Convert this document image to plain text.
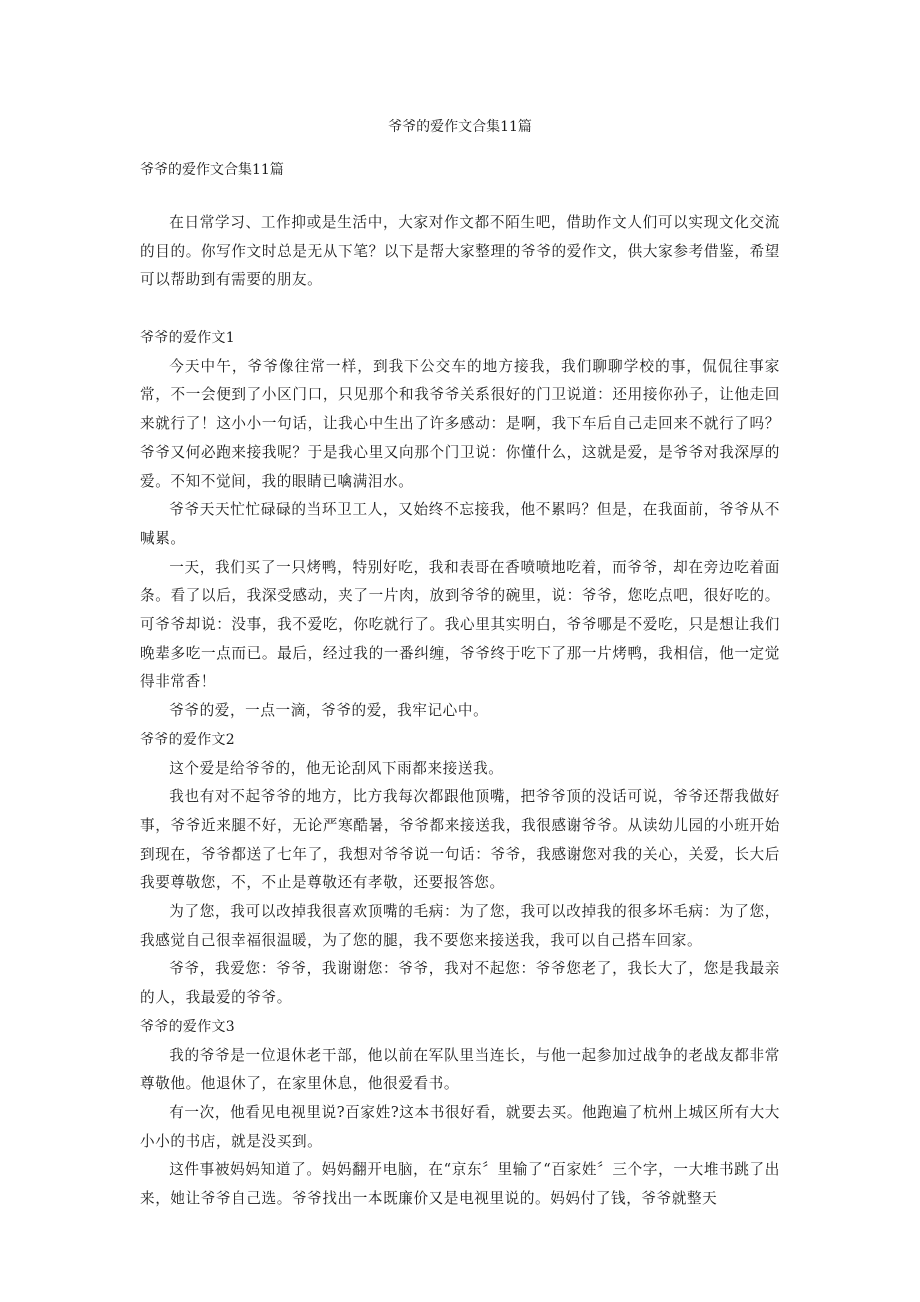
爷爷的爱作文合集11篇
爷爷的爱作文合集11篇

在日常学习、工作抑或是生活中，大家对作文都不陌生吧，借助作文人们可以实现文化交流的目的。你写作文时总是无从下笔？以下是帮大家整理的爷爷的爱作文，供大家参考借鉴，希望可以帮助到有需要的朋友。

爷爷的爱作文1

今天中午，爷爷像往常一样，到我下公交车的地方接我，我们聊聊学校的事，侃侃往事家常，不一会便到了小区门口，只见那个和我爷爷关系很好的门卫说道：还用接你孙子，让他走回来就行了！这小小一句话，让我心中生出了许多感动：是啊，我下车后自己走回来不就行了吗？爷爷又何必跑来接我呢？于是我心里又向那个门卫说：你懂什么，这就是爱，是爷爷对我深厚的爱。不知不觉间，我的眼睛已噙满泪水。

爷爷天天忙忙碌碌的当环卫工人，又始终不忘接我，他不累吗？但是，在我面前，爷爷从不喊累。

一天，我们买了一只烤鸭，特别好吃，我和表哥在香喷喷地吃着，而爷爷，却在旁边吃着面条。看了以后，我深受感动，夹了一片肉，放到爷爷的碗里，说：爷爷，您吃点吧，很好吃的。可爷爷却说：没事，我不爱吃，你吃就行了。我心里其实明白，爷爷哪是不爱吃，只是想让我们晚辈多吃一点而已。最后，经过我的一番纠缠，爷爷终于吃下了那一片烤鸭，我相信，他一定觉得非常香！

爷爷的爱，一点一滴，爷爷的爱，我牢记心中。

爷爷的爱作文2

这个爱是给爷爷的，他无论刮风下雨都来接送我。

我也有对不起爷爷的地方，比方我每次都跟他顶嘴，把爷爷顶的没话可说，爷爷还帮我做好事，爷爷近来腿不好，无论严寒酷暑，爷爷都来接送我，我很感谢爷爷。从读幼儿园的小班开始到现在，爷爷都送了七年了，我想对爷爷说一句话：爷爷，我感谢您对我的关心，关爱，长大后我要尊敬您，不，不止是尊敬还有孝敬，还要报答您。

为了您，我可以改掉我很喜欢顶嘴的毛病：为了您，我可以改掉我的很多坏毛病：为了您，我感觉自己很幸福很温暖，为了您的腿，我不要您来接送我，我可以自己搭车回家。

爷爷，我爱您：爷爷，我谢谢您：爷爷，我对不起您：爷爷您老了，我长大了，您是我最亲的人，我最爱的爷爷。

爷爷的爱作文3

我的爷爷是一位退休老干部，他以前在军队里当连长，与他一起参加过战争的老战友都非常尊敬他。他退休了，在家里休息，他很爱看书。

有一次，他看见电视里说?百家姓?这本书很好看，就要去买。他跑遍了杭州上城区所有大大小小的书店，就是没买到。

这件事被妈妈知道了。妈妈翻开电脑，在“京东〞里输了“百家姓〞三个字，一大堆书跳了出来，她让爷爷自己选。爷爷找出一本既廉价又是电视里说的。妈妈付了钱，爷爷就整天
